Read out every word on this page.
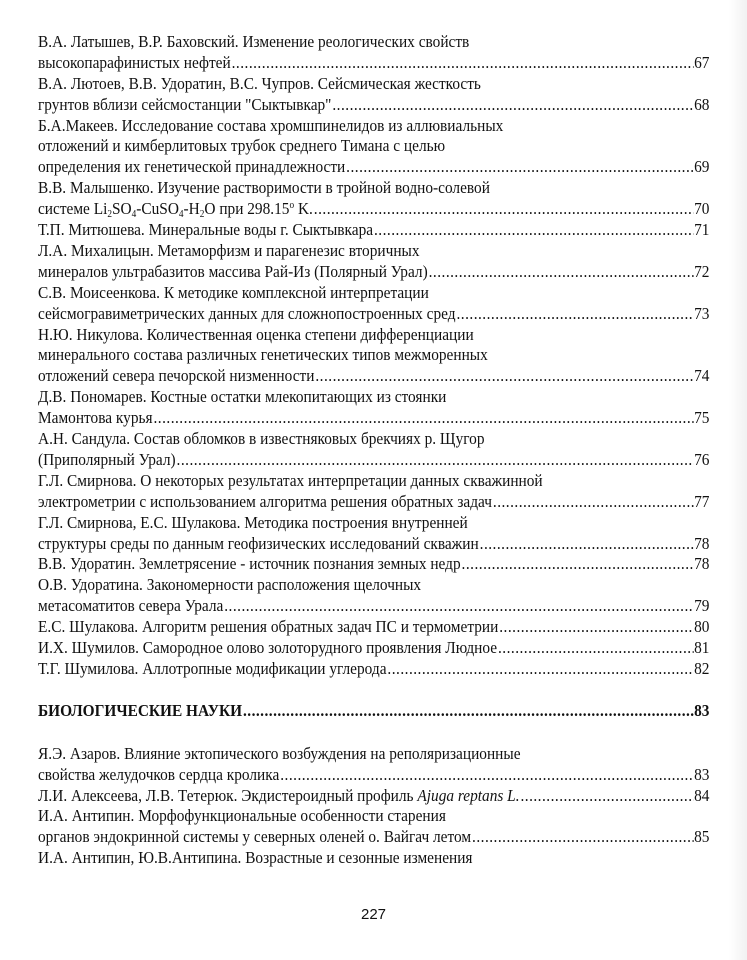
В.А. Латышев, В.Р. Баховский. Изменение реологических свойств
высокопарафинистых нефтей .....	67
В.А. Лютоев, В.В. Удоратин, В.С. Чупров. Сейсмическая жесткость
грунтов вблизи сейсмостанции "Сыктывкар" .....	68
Б.А.Макеев. Исследование состава хромшпинелидов из аллювиальных
отложений и кимберлитовых трубок среднего Тимана с целью
определения их генетической принадлежности .....	69
В.В. Малышенко. Изучение растворимости в тройной водно-солевой
системе $Li_2SO_4-CuSO_4-H_2O$ при 298.15$^o$ K. .....	70
Т.П. Митюшева. Минеральные воды г. Сыктывкара .....	71
Л.А. Михалицын. Метаморфизм и парагенезис вторичных
минералов ультрабазитов массива Рай-Из (Полярный Урал) .....	72
С.В. Моисеенкова. К методике комплексной интерпретации
сейсмогравиметрических данных для сложнопостроенных сред .....	73
Н.Ю. Никулова. Количественная оценка степени дифференциации
минерального состава различных генетических типов межморенных
отложений севера печорской низменности .....	74
Д.В. Пономарев. Костные остатки млекопитающих из стоянки
Мамонтова курья .....	75
А.Н. Сандула. Состав обломков в известняковых брекчиях р. Щугор
(Приполярный Урал) .....	76
Г.Л. Смирнова. О некоторых результатах интерпретации данных скважинной
электрометрии с использованием алгоритма решения обратных задач .....	77
Г.Л. Смирнова, Е.С. Шулакова. Методика построения внутренней
структуры среды по данным геофизических исследований скважин .....	78
В.В. Удоратин. Землетрясение - источник познания земных недр .....	78
О.В. Удоратина. Закономерности расположения щелочных
метасоматитов севера Урала .....	79
Е.С. Шулакова. Алгоритм решения обратных задач ПС и термометрии .....	80
И.Х. Шумилов. Самородное олово золоторудного проявления Людное .....	81
Т.Г. Шумилова. Аллотропные модификации углерода .....	82
БИОЛОГИЧЕСКИЕ НАУКИ .....	83
Я.Э. Азаров. Влияние эктопического возбуждения на реполяризационные
свойства желудочков сердца кролика .....	83
Л.И. Алексеева, Л.В. Тетерюк. Экдистероидный профиль Ajuga reptans L. .....	84
И.А. Антипин. Морфофункциональные особенности старения
органов эндокринной системы у северных оленей о. Вайгач летом .....	85
И.А. Антипин, Ю.В.Антипина. Возрастные и сезонные изменения
227
